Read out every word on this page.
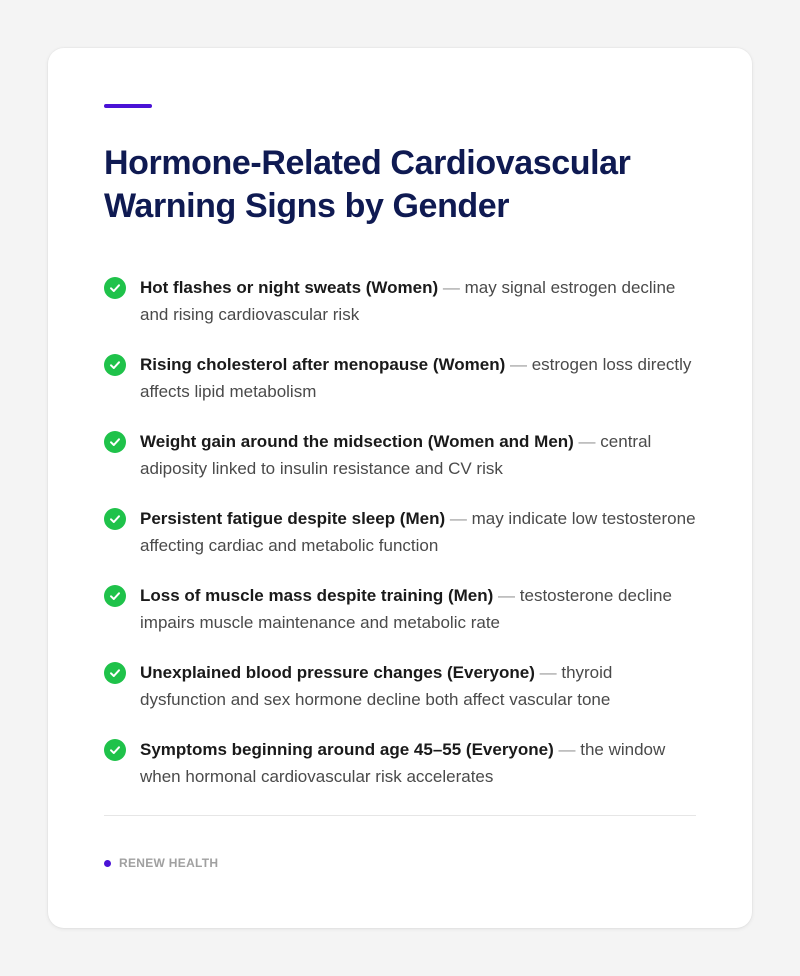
Hormone-Related Cardiovascular Warning Signs by Gender
Hot flashes or night sweats (Women) — may signal estrogen decline and rising cardiovascular risk
Rising cholesterol after menopause (Women) — estrogen loss directly affects lipid metabolism
Weight gain around the midsection (Women and Men) — central adiposity linked to insulin resistance and CV risk
Persistent fatigue despite sleep (Men) — may indicate low testosterone affecting cardiac and metabolic function
Loss of muscle mass despite training (Men) — testosterone decline impairs muscle maintenance and metabolic rate
Unexplained blood pressure changes (Everyone) — thyroid dysfunction and sex hormone decline both affect vascular tone
Symptoms beginning around age 45–55 (Everyone) — the window when hormonal cardiovascular risk accelerates
RENEW HEALTH
